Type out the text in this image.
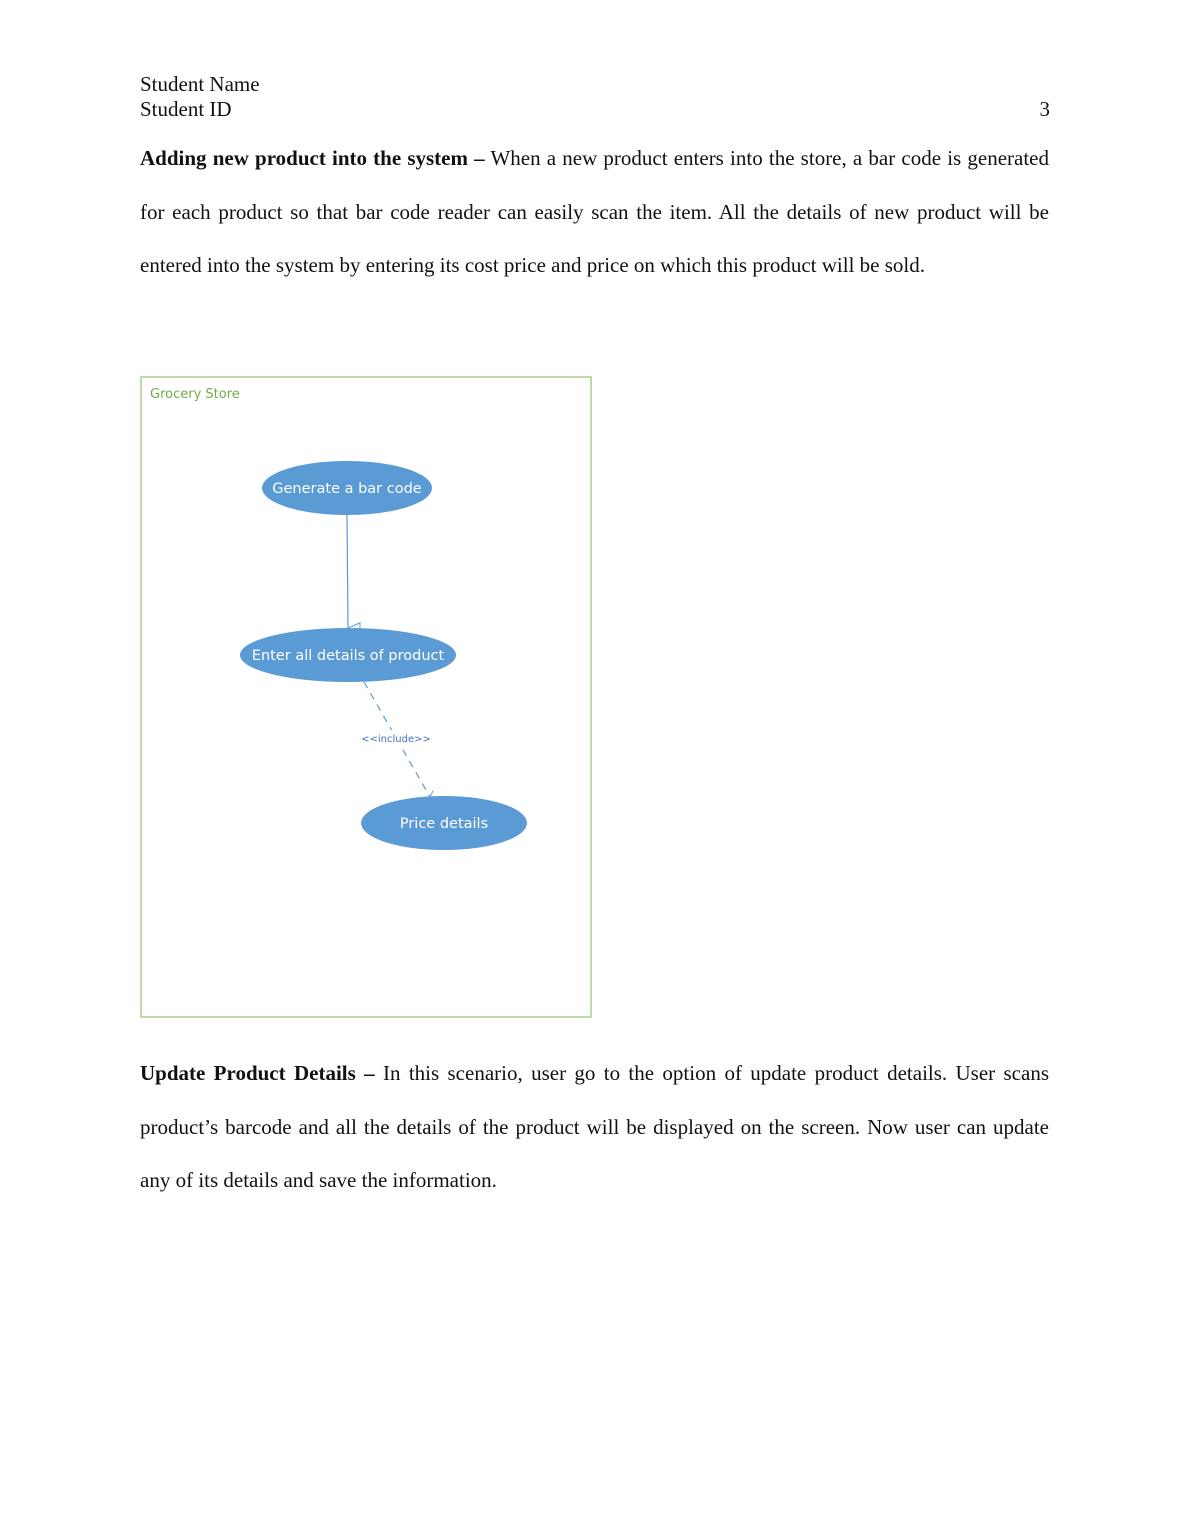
Student Name
Student ID	3

Adding new product into the system – When a new product enters into the store, a bar code is generated for each product so that bar code reader can easily scan the item. All the details of new product will be entered into the system by entering its cost price and price on which this product will be sold.

Grocery Store
<<include>>
Generate a bar code
Enter all details of product
Price details

Update Product Details – In this scenario, user go to the option of update product details. User scans product’s barcode and all the details of the product will be displayed on the screen. Now user can update any of its details and save the information.
